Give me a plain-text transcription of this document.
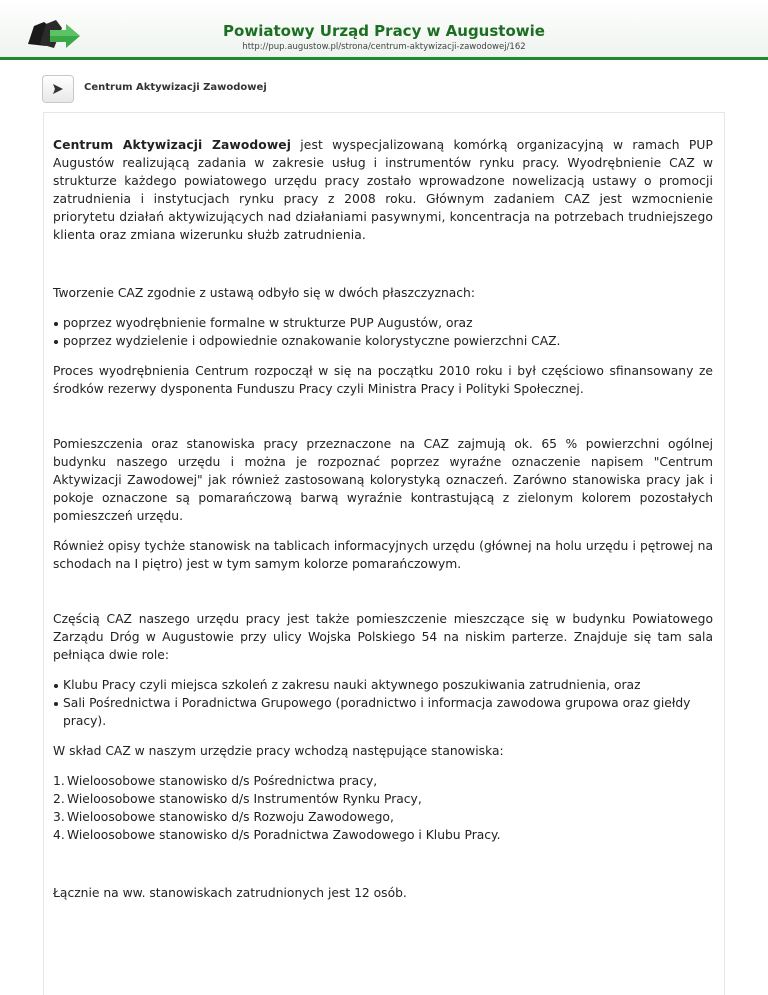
Powiatowy Urząd Pracy w Augustowie
http://pup.augustow.pl/strona/centrum-aktywizacji-zawodowej/162
Centrum Aktywizacji Zawodowej

Centrum Aktywizacji Zawodowej jest wyspecjalizowaną komórką organizacyjną w ramach PUP Augustów realizującą zadania w zakresie usług i instrumentów rynku pracy. Wyodrębnienie CAZ w strukturze każdego powiatowego urzędu pracy zostało wprowadzone nowelizacją ustawy o promocji zatrudnienia i instytucjach rynku pracy z 2008 roku. Głównym zadaniem CAZ jest wzmocnienie priorytetu działań aktywizujących nad działaniami pasywnymi, koncentracja na potrzebach trudniejszego klienta oraz zmiana wizerunku służb zatrudnienia.

Tworzenie CAZ zgodnie z ustawą odbyło się w dwóch płaszczyznach:

poprzez wyodrębnienie formalne w strukturze PUP Augustów, oraz
poprzez wydzielenie i odpowiednie oznakowanie kolorystyczne powierzchni CAZ.

Proces wyodrębnienia Centrum rozpoczął w się na początku 2010 roku i był częściowo sfinansowany ze środków rezerwy dysponenta Funduszu Pracy czyli Ministra Pracy i Polityki Społecznej.

Pomieszczenia oraz stanowiska pracy przeznaczone na CAZ zajmują ok. 65 % powierzchni ogólnej budynku naszego urzędu i można je rozpoznać poprzez wyraźne oznaczenie napisem "Centrum Aktywizacji Zawodowej" jak również zastosowaną kolorystyką oznaczeń. Zarówno stanowiska pracy jak i pokoje oznaczone są pomarańczową barwą wyraźnie kontrastującą z zielonym kolorem pozostałych pomieszczeń urzędu.

Również opisy tychże stanowisk na tablicach informacyjnych urzędu (głównej na holu urzędu i pętrowej na schodach na I piętro) jest w tym samym kolorze pomarańczowym.

Częścią CAZ naszego urzędu pracy jest także pomieszczenie mieszczące się w budynku Powiatowego Zarządu Dróg w Augustowie przy ulicy Wojska Polskiego 54 na niskim parterze. Znajduje się tam sala pełniąca dwie role:

Klubu Pracy czyli miejsca szkoleń z zakresu nauki aktywnego poszukiwania zatrudnienia, oraz
Sali Pośrednictwa i Poradnictwa Grupowego (poradnictwo i informacja zawodowa grupowa oraz giełdy pracy).

W skład CAZ w naszym urzędzie pracy wchodzą następujące stanowiska:

1. Wieloosobowe stanowisko d/s Pośrednictwa pracy,
2. Wieloosobowe stanowisko d/s Instrumentów Rynku Pracy,
3. Wieloosobowe stanowisko d/s Rozwoju Zawodowego,
4. Wieloosobowe stanowisko d/s Poradnictwa Zawodowego i Klubu Pracy.

Łącznie na ww. stanowiskach zatrudnionych jest 12 osób.
